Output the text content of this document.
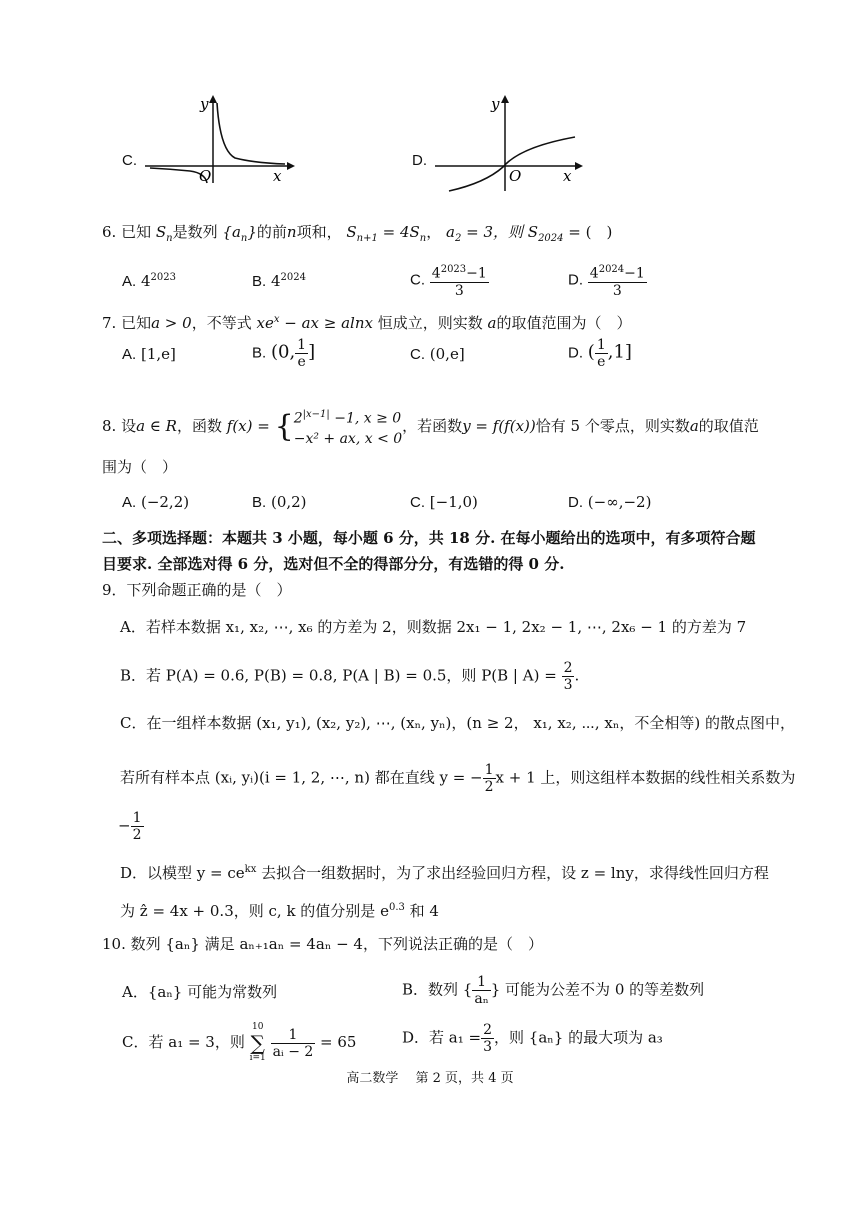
C.
y
x
O
D.
y
x
O
6. 已知 $S_n$是数列 $\{a_n\}$的前n项和， $S_{n+1} = 4S_n$， $a_2 = 3$，则 $S_{2024}$ = (　)
A. $4^{2023}$	B. $4^{2024}$	C. $\frac{4^{2023}-1}{3}$	D. $\frac{4^{2024}-1}{3}$
7. 已知a > 0，不等式 $xe^x$ − ax ≥ alnx 恒成立，则实数 a的取值范围为（　）
A. [1,e]	B. (0, $\frac{1}{e}$ ]	C. (0,e]	D. ( $\frac{1}{e} ,1$]
8. 设a ∈ R，函数 f(x) = { $2^{|x-1|} -1$, x ≥ 0
−x² + ax, x < 0
，若函数y = f(f(x))恰有 5 个零点，则实数a的取值范
围为（　）
A. (−2,2)	B. (0,2)	C. [−1,0)	D. (−∞,−2)
二、多项选择题：本题共 3 小题，每小题 6 分，共 18 分. 在每小题给出的选项中，有多项符合题
目要求. 全部选对得 6 分，选对但不全的得部分分，有选错的得 0 分.
9．下列命题正确的是（　）
A．若样本数据 x₁, x₂, ⋯, x₆ 的方差为 2，则数据 2x₁ − 1, 2x₂ − 1, ⋯, 2x₆ − 1 的方差为 7
B．若 P(A) = 0.6, P(B) = 0.8, P(A | B) = 0.5，则 P(B | $A) = \frac{2}{3}$ .
C．在一组样本数据 (x₁, y₁), (x₂, y₂), ⋯, (xₙ, yₙ)，(n ≥ 2， x₁, x₂, ⋯, xₙ，不全相等) 的散点图中，
若所有样本点 (xᵢ, yᵢ)(i = 1, 2, ⋯, n) 都在直线 y = − $\frac{1}{2}$ x + 1 上，则这组样本数据的线性相关系数为
− $\frac{1}{2}$
D．以模型 $y = ce^{kx}$ 去拟合一组数据时，为了求出经验回归方程，设 z = lny，求得线性回归方程
为 ẑ = 4x + 0.3，则 c, k 的值分别是 $e^{0.3}$ 和 4
10. 数列 {aₙ} 满足 aₙ₊₁aₙ = 4aₙ − 4，下列说法正确的是（　）
A．{aₙ} 可能为常数列	B．数列 { $\frac{1}{\text{aₙ}}$ } 可能为公差不为 0 的等差数列
C．若 a₁ = 3，则
10
∑
i=1
$\frac{1}{\text{aᵢ − 2}} = 65$	D．若 $a_1 = \frac{2}{3}$ ，则 {aₙ} 的最大项为 a₃
高二数学　 第 2 页，共 4 页
